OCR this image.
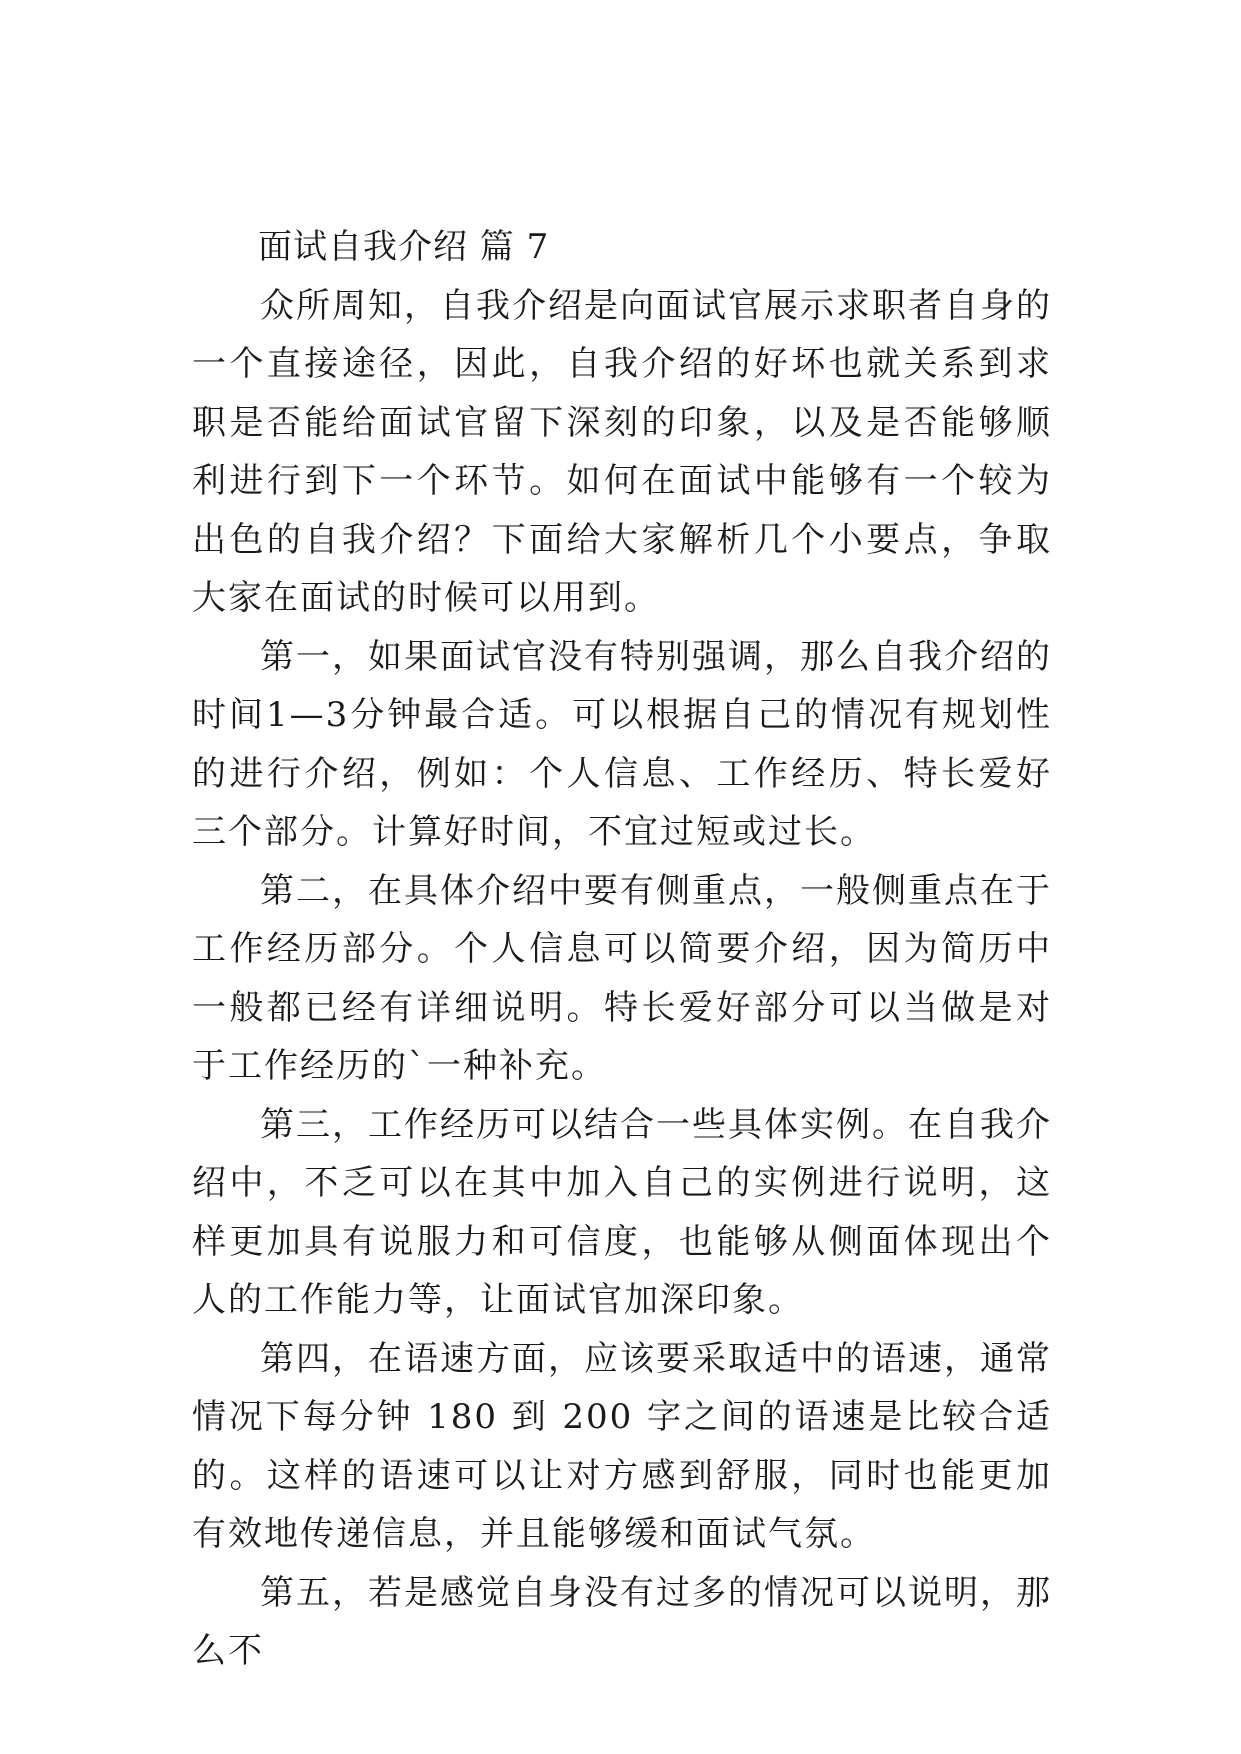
面试自我介绍 篇 7

众所周知，自我介绍是向面试官展示求职者自身的一个直接途径，因此，自我介绍的好坏也就关系到求职是否能给面试官留下深刻的印象，以及是否能够顺利进行到下一个环节。如何在面试中能够有一个较为出色的自我介绍？下面给大家解析几个小要点，争取大家在面试的时候可以用到。

第一，如果面试官没有特别强调，那么自我介绍的时间1—3分钟最合适。可以根据自己的情况有规划性的进行介绍，例如：个人信息、工作经历、特长爱好三个部分。计算好时间，不宜过短或过长。

第二，在具体介绍中要有侧重点，一般侧重点在于工作经历部分。个人信息可以简要介绍，因为简历中一般都已经有详细说明。特长爱好部分可以当做是对于工作经历的`一种补充。

第三，工作经历可以结合一些具体实例。在自我介绍中，不乏可以在其中加入自己的实例进行说明，这样更加具有说服力和可信度，也能够从侧面体现出个人的工作能力等，让面试官加深印象。

第四，在语速方面，应该要采取适中的语速，通常情况下每分钟 180 到 200 字之间的语速是比较合适的。这样的语速可以让对方感到舒服，同时也能更加有效地传递信息，并且能够缓和面试气氛。

第五，若是感觉自身没有过多的情况可以说明，那么不
